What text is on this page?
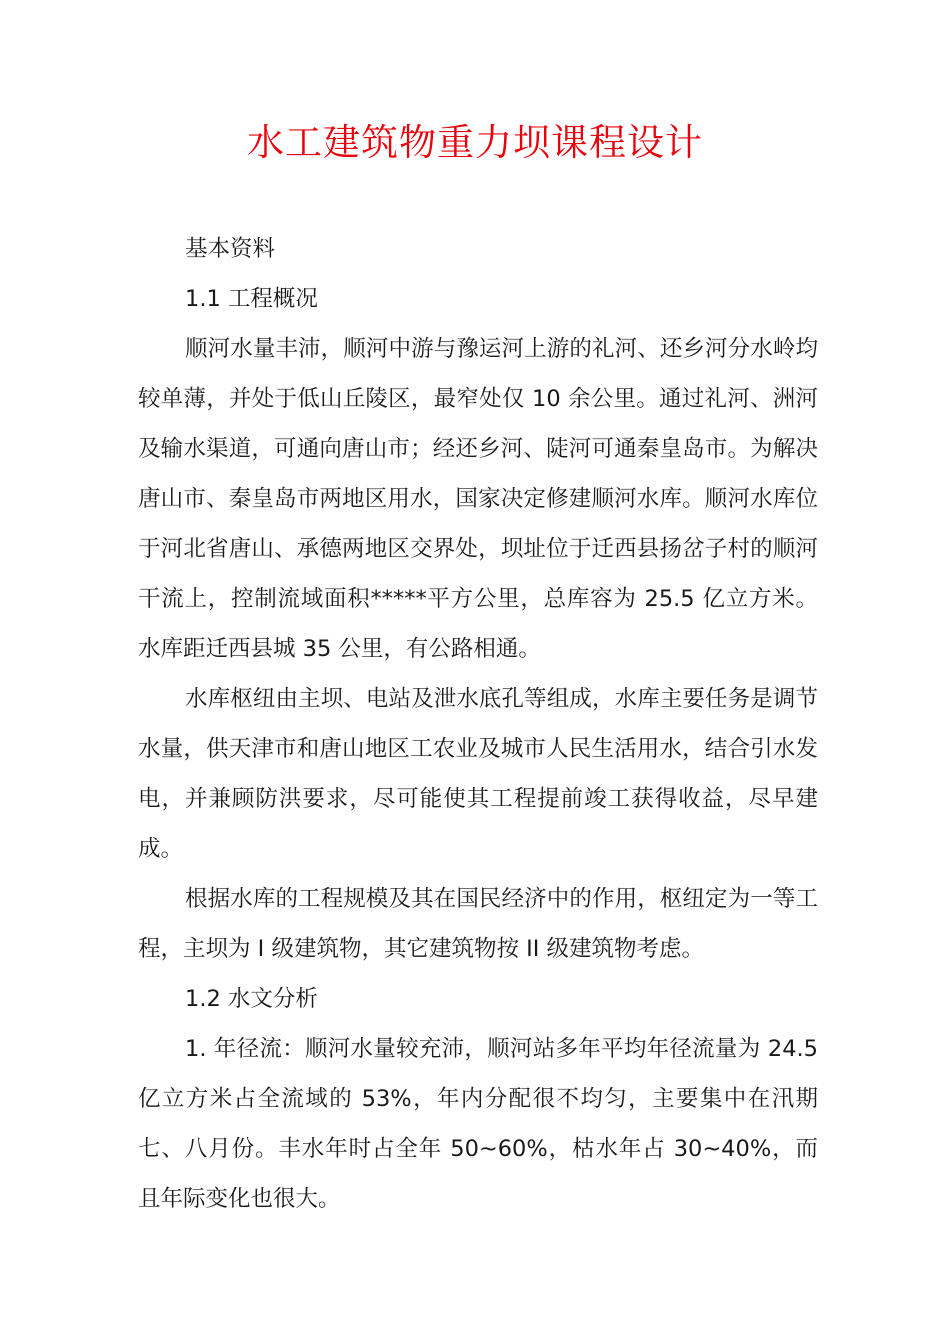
水工建筑物重力坝课程设计

基本资料

1.1 工程概况

顺河水量丰沛，顺河中游与豫运河上游的礼河、还乡河分水岭均较单薄，并处于低山丘陵区，最窄处仅 10 余公里。通过礼河、洲河及输水渠道，可通向唐山市；经还乡河、陡河可通秦皇岛市。为解决唐山市、秦皇岛市两地区用水，国家决定修建顺河水库。顺河水库位于河北省唐山、承德两地区交界处，坝址位于迁西县扬岔子村的顺河干流上，控制流域面积*****平方公里，总库容为 25.5 亿立方米。水库距迁西县城 35 公里，有公路相通。

水库枢纽由主坝、电站及泄水底孔等组成，水库主要任务是调节水量，供天津市和唐山地区工农业及城市人民生活用水，结合引水发电，并兼顾防洪要求，尽可能使其工程提前竣工获得收益，尽早建成。

根据水库的工程规模及其在国民经济中的作用，枢纽定为一等工程，主坝为 I 级建筑物，其它建筑物按 II 级建筑物考虑。

1.2 水文分析

1. 年径流：顺河水量较充沛，顺河站多年平均年径流量为 24.5 亿立方米占全流域的 53%，年内分配很不均匀，主要集中在汛期七、八月份。丰水年时占全年 50~60%，枯水年占 30~40%，而且年际变化也很大。
